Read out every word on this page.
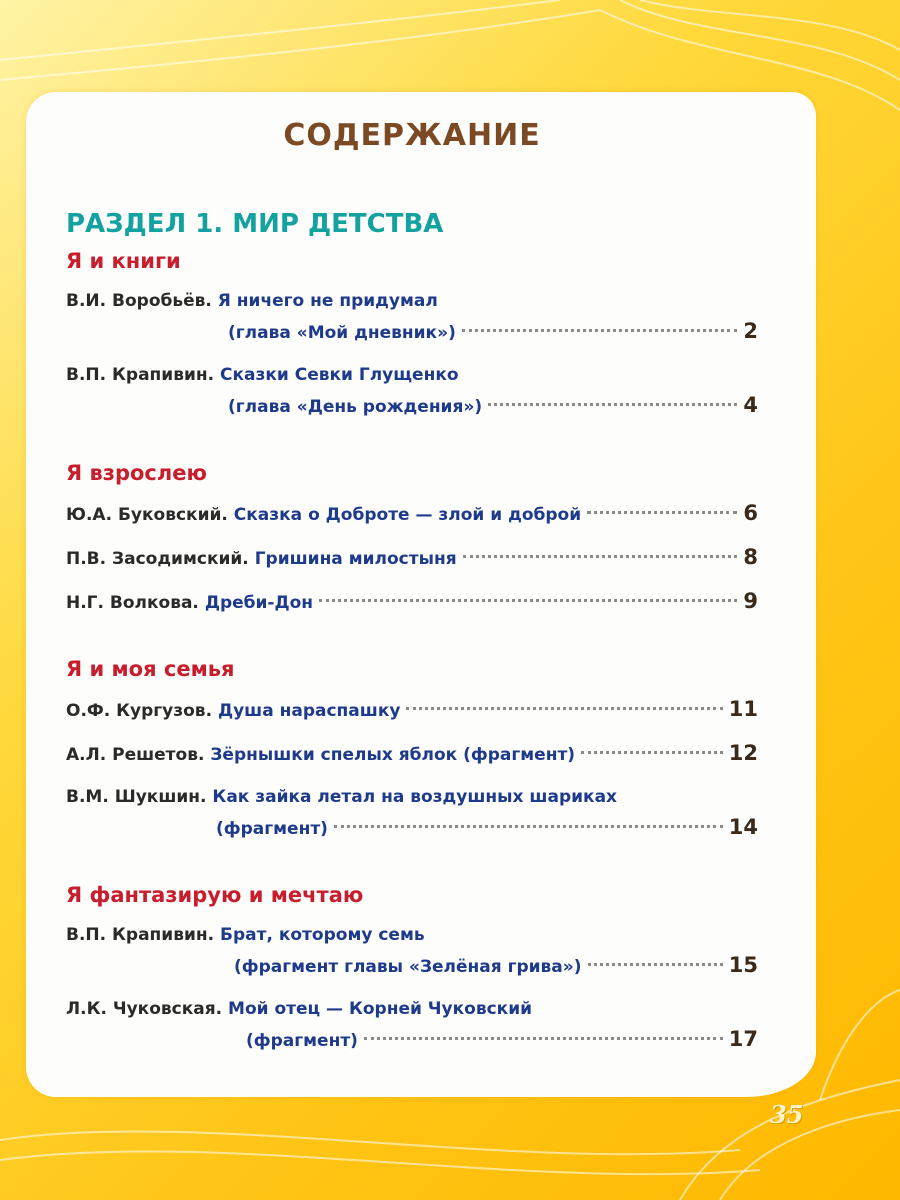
СОДЕРЖАНИЕ
РАЗДЕЛ 1. МИР ДЕТСТВА
Я и книги
В.И. Воробьёв.
Я ничего не придумал
(глава «Мой дневник»)	2
В.П. Крапивин.
Сказки Севки Глущенко
(глава «День рождения»)	4
Я взрослею
Ю.А. Буковский.
Сказка о Доброте — злой и доброй	6
П.В. Засодимский.
Гришина милостыня	8
Н.Г. Волкова.
Дреби-Дон	9
Я и моя семья
О.Ф. Кургузов.
Душа нараспашку	11
А.Л. Решетов.
Зёрнышки спелых яблок (фрагмент)	12
В.М. Шукшин.
Как зайка летал на воздушных шариках
(фрагмент)	14
Я фантазирую и мечтаю
В.П. Крапивин.
Брат, которому семь
(фрагмент главы «Зелёная грива»)	15
Л.К. Чуковская.
Мой отец — Корней Чуковский
(фрагмент)	17
35
